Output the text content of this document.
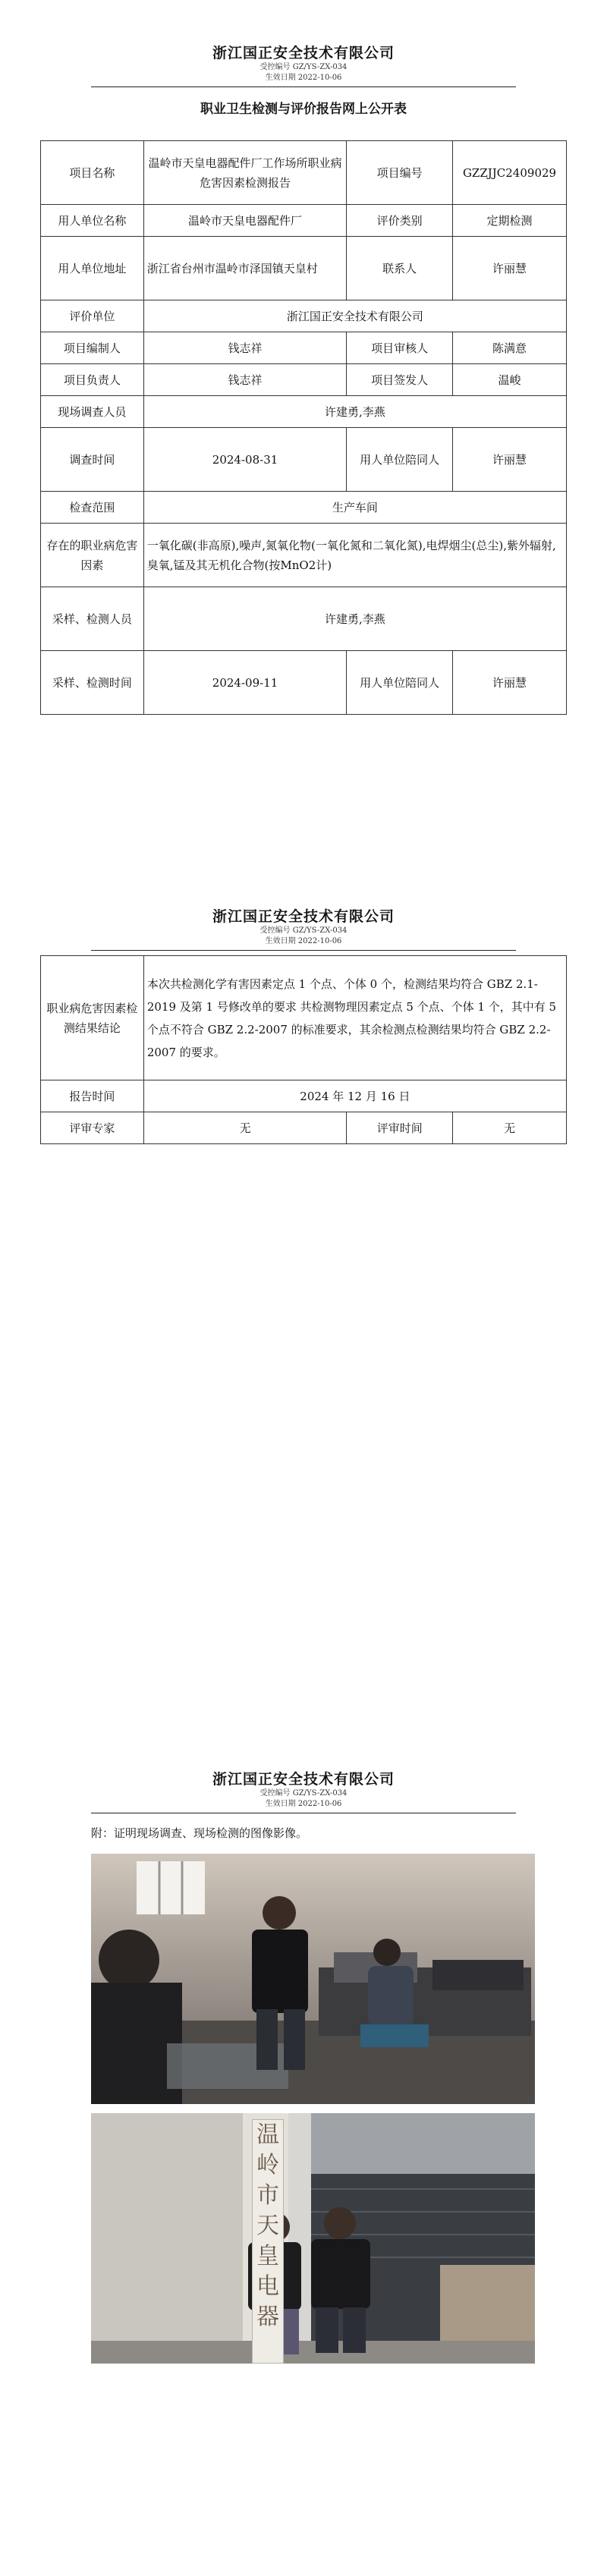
浙江国正安全技术有限公司
受控编号 GZ/YS-ZX-034
生效日期 2022-10-06
职业卫生检测与评价报告网上公开表
项目名称	温岭市天皇电器配件厂工作场所职业病危害因素检测报告	项目编号	GZZJJC2409029
用人单位名称	温岭市天皇电器配件厂	评价类别	定期检测
用人单位地址	浙江省台州市温岭市泽国镇天皇村	联系人	许丽慧
评价单位	浙江国正安全技术有限公司		
项目编制人	钱志祥	项目审核人	陈满意
项目负责人	钱志祥	项目签发人	温峻
现场调查人员	许建勇,李燕		
调查时间	2024-08-31	用人单位陪同人	许丽慧
检查范围	生产车间		
存在的职业病危害因素	一氧化碳(非高原),噪声,氮氧化物(一氧化氮和二氧化氮),电焊烟尘(总尘),紫外辐射,臭氧,锰及其无机化合物(按MnO2计)		
采样、检测人员	许建勇,李燕		
采样、检测时间	2024-09-11	用人单位陪同人	许丽慧
浙江国正安全技术有限公司
受控编号 GZ/YS-ZX-034
生效日期 2022-10-06
职业病危害因素检测结果结论	本次共检测化学有害因素定点 1 个点、个体 0 个，检测结果均符合 GBZ 2.1-2019 及第 1 号修改单的要求 共检测物理因素定点 5 个点、个体 1 个，其中有 5 个点不符合 GBZ 2.2-2007 的标准要求，其余检测点检测结果均符合 GBZ 2.2-2007 的要求。		
报告时间	2024 年 12 月 16 日		
评审专家	无	评审时间	无
浙江国正安全技术有限公司
受控编号 GZ/YS-ZX-034
生效日期 2022-10-06
附：证明现场调查、现场检测的图像影像。
温岭市天皇电器
